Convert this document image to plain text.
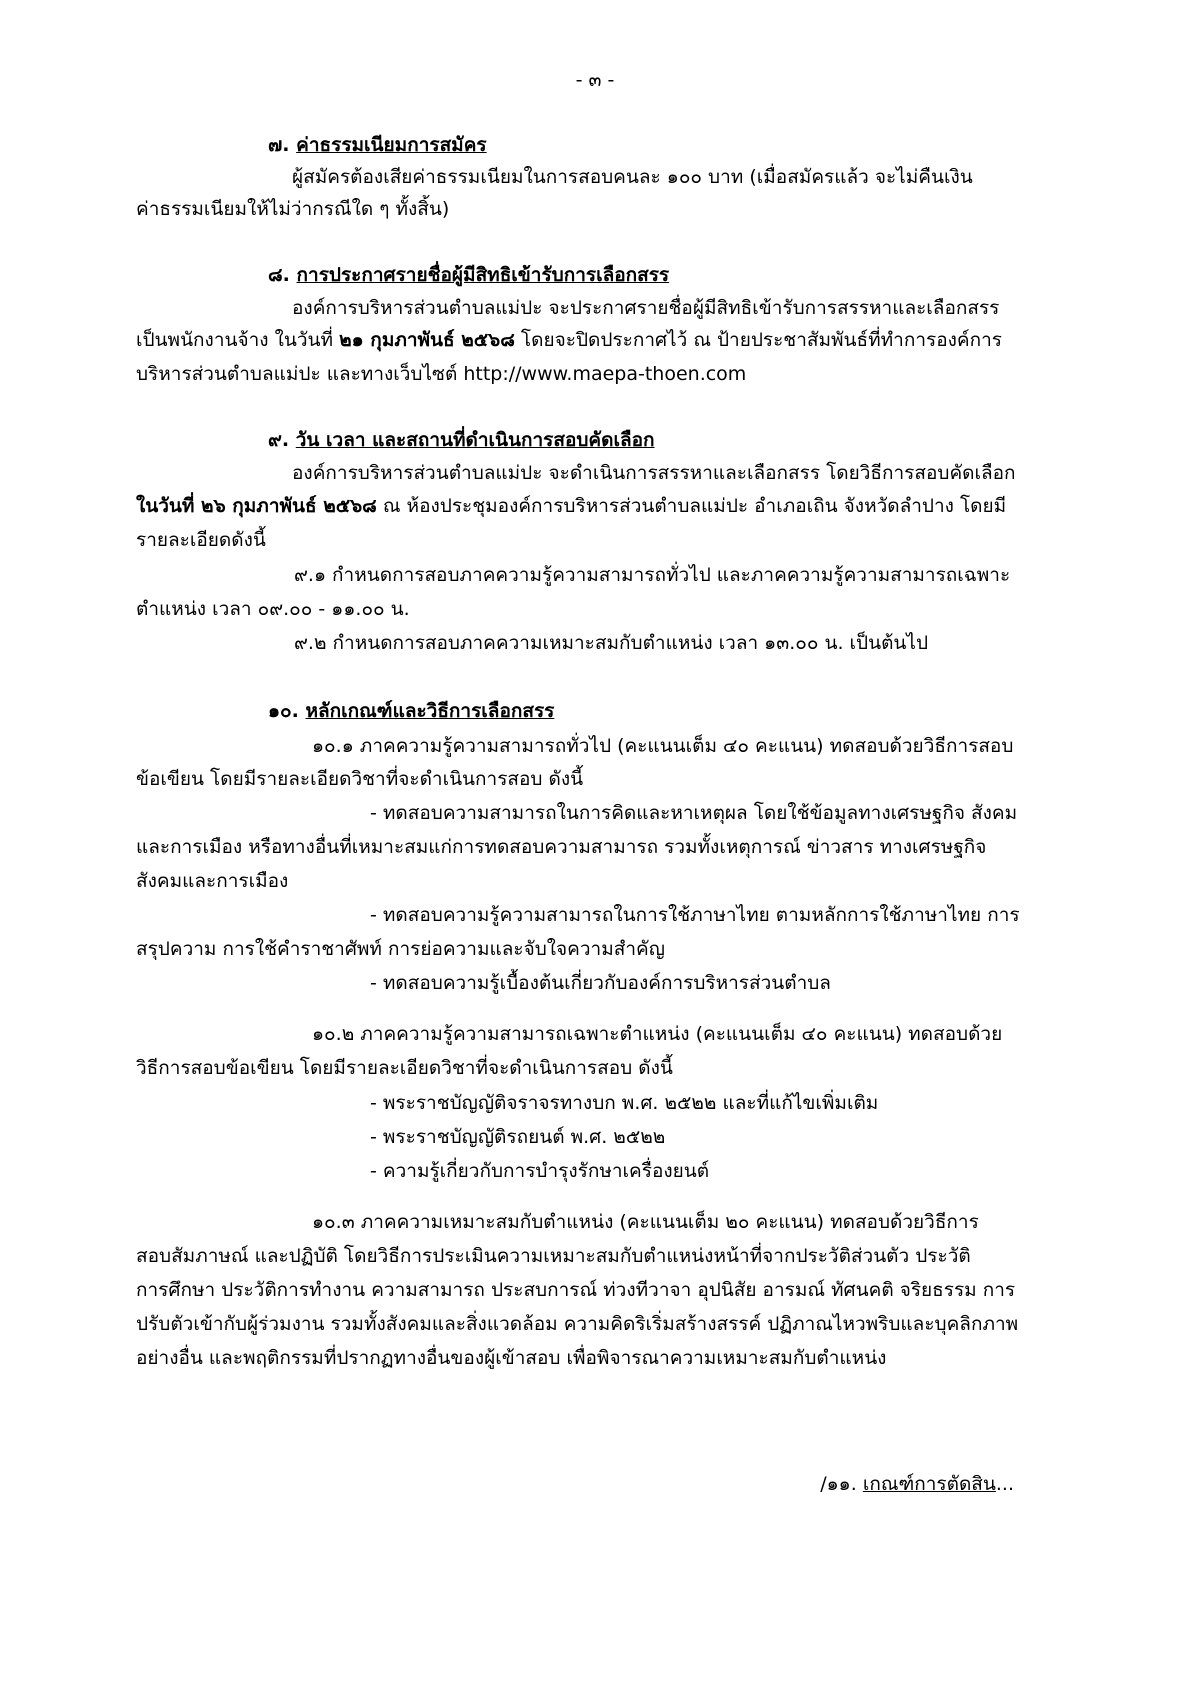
- ๓ -
๗. ค่าธรรมเนียมการสมัคร
ผู้สมัครต้องเสียค่าธรรมเนียมในการสอบคนละ ๑๐๐ บาท (เมื่อสมัครแล้ว จะไม่คืนเงิน
ค่าธรรมเนียมให้ไม่ว่ากรณีใด ๆ ทั้งสิ้น)
๘. การประกาศรายชื่อผู้มีสิทธิเข้ารับการเลือกสรร
องค์การบริหารส่วนตำบลแม่ปะ จะประกาศรายชื่อผู้มีสิทธิเข้ารับการสรรหาและเลือกสรร
เป็นพนักงานจ้าง ในวันที่ ๒๑ กุมภาพันธ์ ๒๕๖๘ โดยจะปิดประกาศไว้ ณ ป้ายประชาสัมพันธ์ที่ทำการองค์การ
บริหารส่วนตำบลแม่ปะ และทางเว็บไซต์ http://www.maepa-thoen.com
๙. วัน เวลา และสถานที่ดำเนินการสอบคัดเลือก
องค์การบริหารส่วนตำบลแม่ปะ จะดำเนินการสรรหาและเลือกสรร โดยวิธีการสอบคัดเลือก
ในวันที่ ๒๖ กุมภาพันธ์ ๒๕๖๘ ณ ห้องประชุมองค์การบริหารส่วนตำบลแม่ปะ อำเภอเถิน จังหวัดลำปาง โดยมี
รายละเอียดดังนี้
๙.๑ กำหนดการสอบภาคความรู้ความสามารถทั่วไป และภาคความรู้ความสามารถเฉพาะ
ตำแหน่ง เวลา ๐๙.๐๐ - ๑๑.๐๐ น.
๙.๒ กำหนดการสอบภาคความเหมาะสมกับตำแหน่ง เวลา ๑๓.๐๐ น. เป็นต้นไป
๑๐. หลักเกณฑ์และวิธีการเลือกสรร
๑๐.๑ ภาคความรู้ความสามารถทั่วไป (คะแนนเต็ม ๔๐ คะแนน) ทดสอบด้วยวิธีการสอบ
ข้อเขียน โดยมีรายละเอียดวิชาที่จะดำเนินการสอบ ดังนี้
- ทดสอบความสามารถในการคิดและหาเหตุผล โดยใช้ข้อมูลทางเศรษฐกิจ สังคม
และการเมือง หรือทางอื่นที่เหมาะสมแก่การทดสอบความสามารถ รวมทั้งเหตุการณ์ ข่าวสาร ทางเศรษฐกิจ
สังคมและการเมือง
- ทดสอบความรู้ความสามารถในการใช้ภาษาไทย ตามหลักการใช้ภาษาไทย การ
สรุปความ การใช้คำราชาศัพท์ การย่อความและจับใจความสำคัญ
- ทดสอบความรู้เบื้องต้นเกี่ยวกับองค์การบริหารส่วนตำบล
๑๐.๒ ภาคความรู้ความสามารถเฉพาะตำแหน่ง (คะแนนเต็ม ๔๐ คะแนน) ทดสอบด้วย
วิธีการสอบข้อเขียน โดยมีรายละเอียดวิชาที่จะดำเนินการสอบ ดังนี้
- พระราชบัญญัติจราจรทางบก พ.ศ. ๒๕๒๒ และที่แก้ไขเพิ่มเติม
- พระราชบัญญัติรถยนต์ พ.ศ. ๒๕๒๒
- ความรู้เกี่ยวกับการบำรุงรักษาเครื่องยนต์
๑๐.๓ ภาคความเหมาะสมกับตำแหน่ง (คะแนนเต็ม ๒๐ คะแนน) ทดสอบด้วยวิธีการ
สอบสัมภาษณ์ และปฏิบัติ โดยวิธีการประเมินความเหมาะสมกับตำแหน่งหน้าที่จากประวัติส่วนตัว ประวัติ
การศึกษา ประวัติการทำงาน ความสามารถ ประสบการณ์ ท่วงทีวาจา อุปนิสัย อารมณ์ ทัศนคติ จริยธรรม การ
ปรับตัวเข้ากับผู้ร่วมงาน รวมทั้งสังคมและสิ่งแวดล้อม ความคิดริเริ่มสร้างสรรค์ ปฏิภาณไหวพริบและบุคลิกภาพ
อย่างอื่น และพฤติกรรมที่ปรากฏทางอื่นของผู้เข้าสอบ เพื่อพิจารณาความเหมาะสมกับตำแหน่ง
/๑๑. เกณฑ์การตัดสิน...
